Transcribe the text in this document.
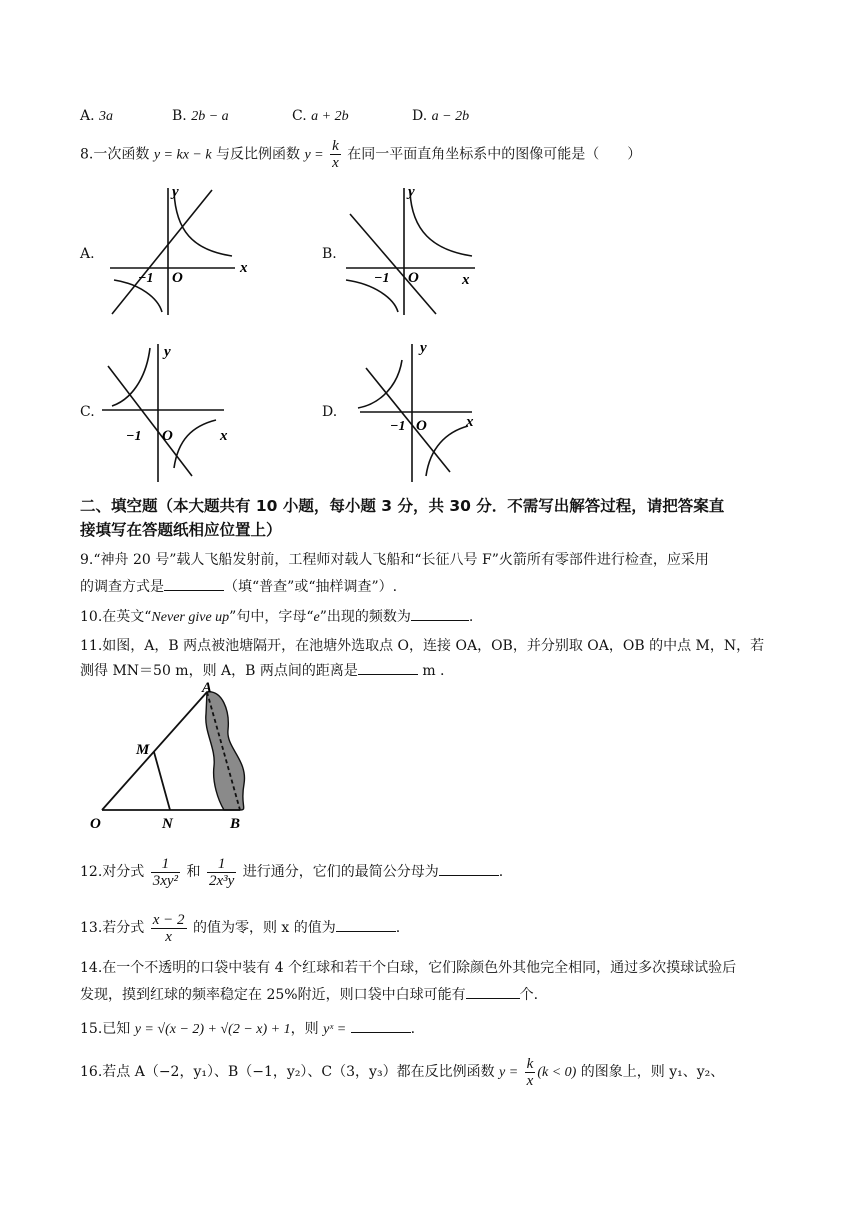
A. 3a	B. 2b − a	C. a + 2b	D. a − 2b
8.一次函数 y = kx − k 与反比例函数 $y = \frac{k}{x}$ 在同一平面直角坐标系中的图像可能是（　　）
A.	B.
C.	D.
x
y
O
−1	x
y
O
−1
x
y
O
−1
x
y
O
−1
二、填空题（本大题共有 10 小题，每小题 3 分，共 30 分．不需写出解答过程，请把答案直
接填写在答题纸相应位置上）
9.“神舟 20 号”载人飞船发射前，工程师对载人飞船和“长征八号 F”火箭所有零部件进行检查，应采用
的调查方式是	（填“普查”或“抽样调查”）.
10.在英文“Never give up”句中，字母“e”出现的频数为	.
11.如图，A，B 两点被池塘隔开，在池塘外选取点 O，连接 OA，OB，并分别取 OA，OB 的中点 M，N，若
测得 MN＝50 m，则 A，B 两点间的距离是	m .
A
M
O	N	B
12.对分式 $\frac{1}{\text{3xy²}}$ 和 $\frac{1}{\text{2x³y}}$ 进行通分，它们的最简公分母为	.
13.若分式 $\frac{x - 2}{x}$ 的值为零，则 x 的值为	.
14.在一个不透明的口袋中装有 4 个红球和若干个白球，它们除颜色外其他完全相同，通过多次摸球试验后
发现，摸到红球的频率稳定在 25%附近，则口袋中白球可能有	个.
15.已知 y = √(x − 2) + √(2 − x) + 1，则 yˣ =	.
16.若点 A（−2，y₁）、B（−1，y₂）、C（3，y₃）都在反比例函数 $y = \frac{k}{x} (k < 0)$ 的图象上，则 y₁、y₂、
